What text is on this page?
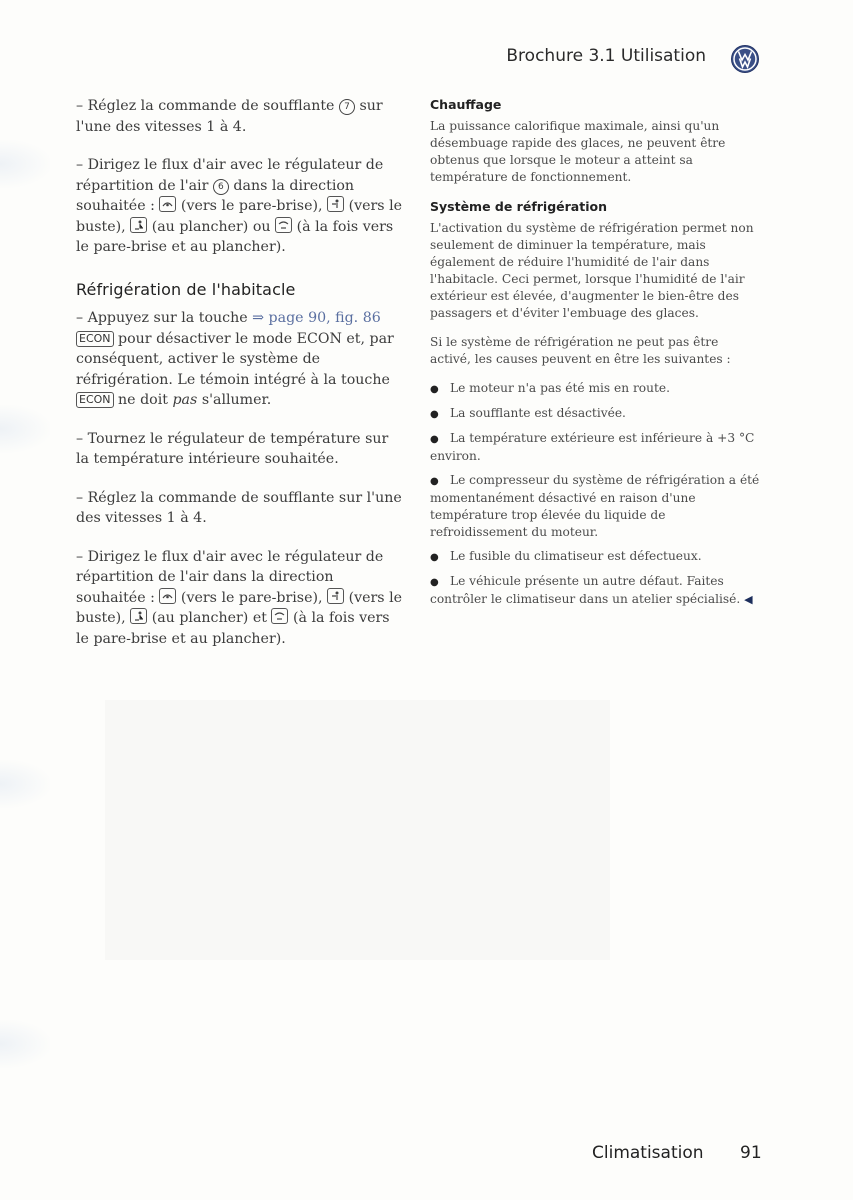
Brochure 3.1 Utilisation

– Réglez la commande de soufflante 7 sur l'une des vitesses 1 à 4.

– Dirigez le flux d'air avec le régulateur de répartition de l'air 6 dans la direction souhaitée : (vers le pare-brise), (vers le buste), (au plancher) ou (à la fois vers le pare-brise et au plancher).

Réfrigération de l'habitacle

– Appuyez sur la touche ⇒ page 90, fig. 86 ECON pour désactiver le mode ECON et, par conséquent, activer le système de réfrigération. Le témoin intégré à la touche ECON ne doit pas s'allumer.

– Tournez le régulateur de température sur la température intérieure souhaitée.

– Réglez la commande de soufflante sur l'une des vitesses 1 à 4.

– Dirigez le flux d'air avec le régulateur de répartition de l'air dans la direction souhaitée : (vers le pare-brise), (vers le buste), (au plancher) et (à la fois vers le pare-brise et au plancher).

Chauffage

La puissance calorifique maximale, ainsi qu'un désembuage rapide des glaces, ne peuvent être obtenus que lorsque le moteur a atteint sa température de fonctionnement.

Système de réfrigération

L'activation du système de réfrigération permet non seulement de diminuer la température, mais également de réduire l'humidité de l'air dans l'habitacle. Ceci permet, lorsque l'humidité de l'air extérieur est élevée, d'augmenter le bien-être des passagers et d'éviter l'embuage des glaces.

Si le système de réfrigération ne peut pas être activé, les causes peuvent en être les suivantes :

● Le moteur n'a pas été mis en route.
● La soufflante est désactivée.
● La température extérieure est inférieure à +3 °C environ.
● Le compresseur du système de réfrigération a été momentanément désactivé en raison d'une température trop élevée du liquide de refroidissement du moteur.
● Le fusible du climatiseur est défectueux.
● Le véhicule présente un autre défaut. Faites contrôler le climatiseur dans un atelier spécialisé. ◀
Climatisation 91
